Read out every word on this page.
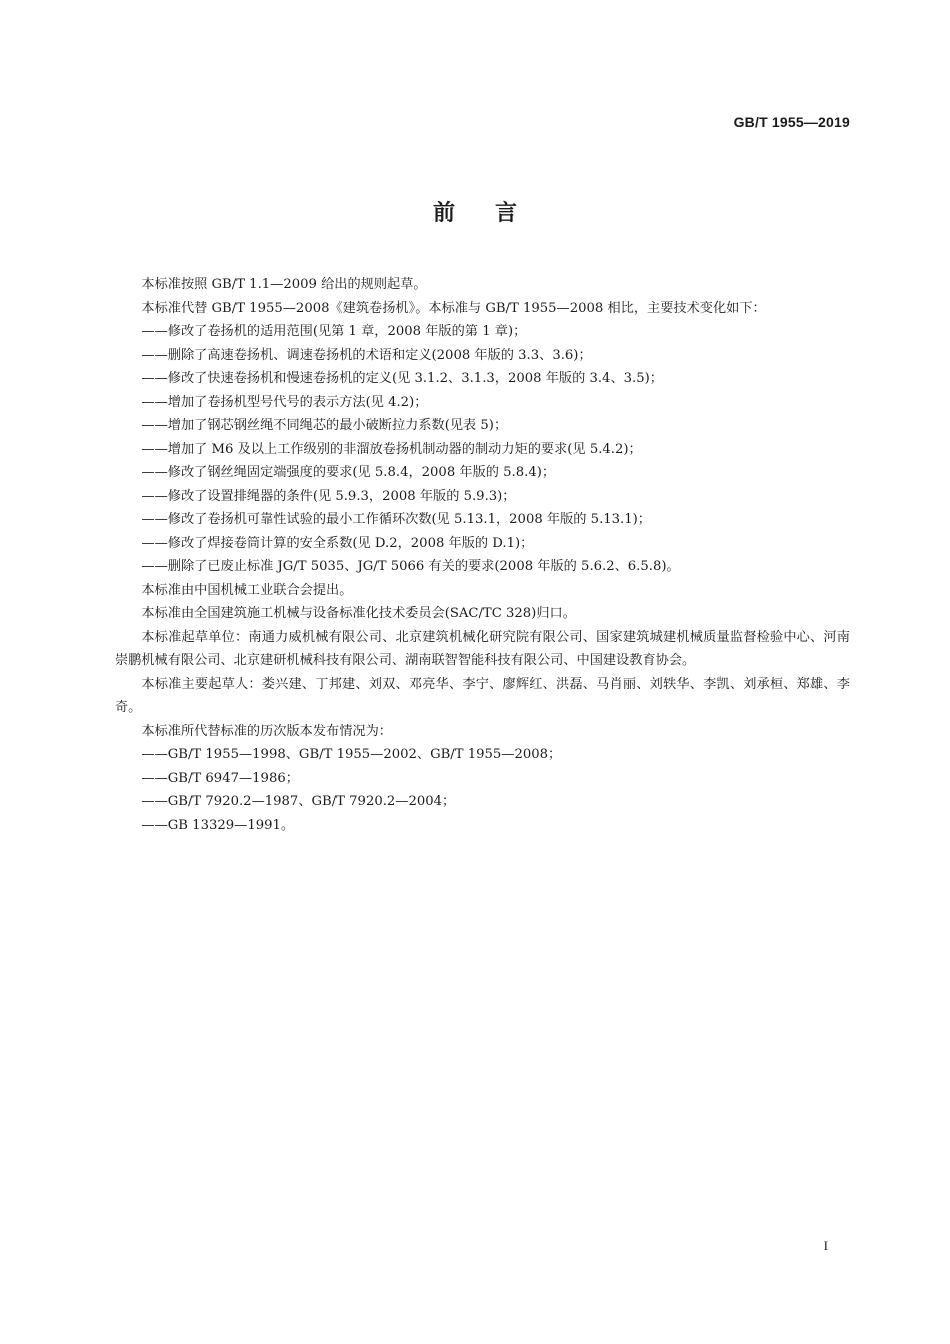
GB/T 1955—2019
前言

本标准按照 GB/T 1.1—2009 给出的规则起草。

本标准代替 GB/T 1955—2008《建筑卷扬机》。本标准与 GB/T 1955—2008 相比，主要技术变化如下：

——修改了卷扬机的适用范围(见第 1 章，2008 年版的第 1 章)；

——删除了高速卷扬机、调速卷扬机的术语和定义(2008 年版的 3.3、3.6)；

——修改了快速卷扬机和慢速卷扬机的定义(见 3.1.2、3.1.3，2008 年版的 3.4、3.5)；

——增加了卷扬机型号代号的表示方法(见 4.2)；

——增加了钢芯钢丝绳不同绳芯的最小破断拉力系数(见表 5)；

——增加了 M6 及以上工作级别的非溜放卷扬机制动器的制动力矩的要求(见 5.4.2)；

——修改了钢丝绳固定端强度的要求(见 5.8.4，2008 年版的 5.8.4)；

——修改了设置排绳器的条件(见 5.9.3，2008 年版的 5.9.3)；

——修改了卷扬机可靠性试验的最小工作循环次数(见 5.13.1，2008 年版的 5.13.1)；

——修改了焊接卷筒计算的安全系数(见 D.2，2008 年版的 D.1)；

——删除了已废止标准 JG/T 5035、JG/T 5066 有关的要求(2008 年版的 5.6.2、6.5.8)。

本标准由中国机械工业联合会提出。

本标准由全国建筑施工机械与设备标准化技术委员会(SAC/TC 328)归口。

本标准起草单位：南通力威机械有限公司、北京建筑机械化研究院有限公司、国家建筑城建机械质量监督检验中心、河南崇鹏机械有限公司、北京建研机械科技有限公司、湖南联智智能科技有限公司、中国建设教育协会。

本标准主要起草人：娄兴建、丁邦建、刘双、邓亮华、李宁、廖辉红、洪磊、马肖丽、刘轶华、李凯、刘承桓、郑雄、李奇。

本标准所代替标准的历次版本发布情况为：

——GB/T 1955—1998、GB/T 1955—2002、GB/T 1955—2008；

——GB/T 6947—1986；

——GB/T 7920.2—1987、GB/T 7920.2—2004；

——GB 13329—1991。

I
